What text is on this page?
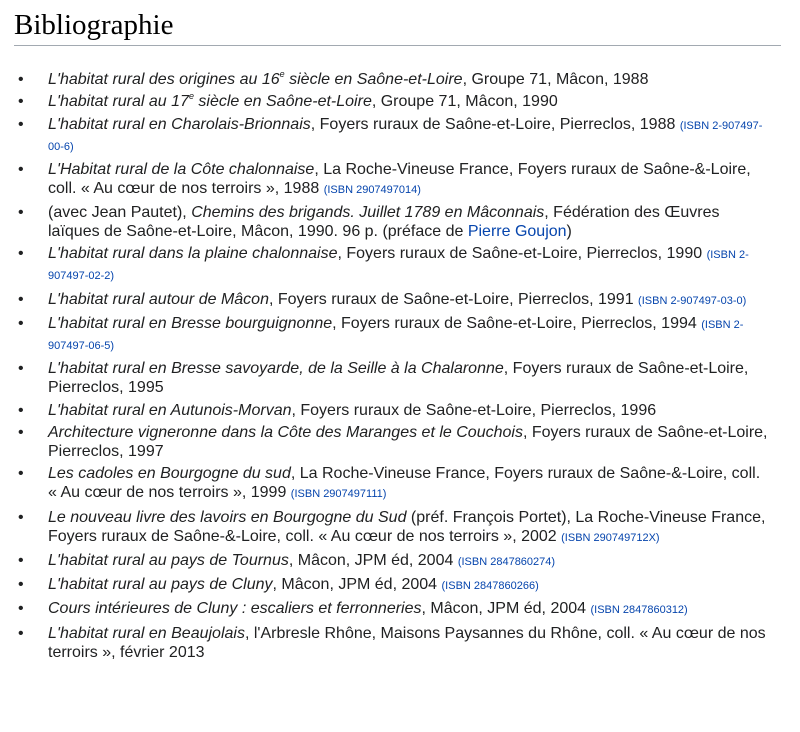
Bibliographie
• L'habitat rural des origines au 16e siècle en Saône-et-Loire, Groupe 71, Mâcon, 1988
• L'habitat rural au 17e siècle en Saône-et-Loire, Groupe 71, Mâcon, 1990
• L'habitat rural en Charolais-Brionnais, Foyers ruraux de Saône-et-Loire, Pierreclos, 1988 (ISBN 2-907497-00-6)
• L'Habitat rural de la Côte chalonnaise, La Roche-Vineuse France, Foyers ruraux de Saône-&-Loire, coll. « Au cœur de nos terroirs », 1988 (ISBN 2907497014)
• (avec Jean Pautet), Chemins des brigands. Juillet 1789 en Mâconnais, Fédération des Œuvres laïques de Saône-et-Loire, Mâcon, 1990. 96 p. (préface de Pierre Goujon)
• L'habitat rural dans la plaine chalonnaise, Foyers ruraux de Saône-et-Loire, Pierreclos, 1990 (ISBN 2-907497-02-2)
• L'habitat rural autour de Mâcon, Foyers ruraux de Saône-et-Loire, Pierreclos, 1991 (ISBN 2-907497-03-0)
• L'habitat rural en Bresse bourguignonne, Foyers ruraux de Saône-et-Loire, Pierreclos, 1994 (ISBN 2-907497-06-5)
• L'habitat rural en Bresse savoyarde, de la Seille à la Chalaronne, Foyers ruraux de Saône-et-Loire, Pierreclos, 1995
• L'habitat rural en Autunois-Morvan, Foyers ruraux de Saône-et-Loire, Pierreclos, 1996
• Architecture vigneronne dans la Côte des Maranges et le Couchois, Foyers ruraux de Saône-et-Loire, Pierreclos, 1997
• Les cadoles en Bourgogne du sud, La Roche-Vineuse France, Foyers ruraux de Saône-&-Loire, coll. « Au cœur de nos terroirs », 1999 (ISBN 2907497111)
• Le nouveau livre des lavoirs en Bourgogne du Sud (préf. François Portet), La Roche-Vineuse France, Foyers ruraux de Saône-&-Loire, coll. « Au cœur de nos terroirs », 2002 (ISBN 290749712X)
• L'habitat rural au pays de Tournus, Mâcon, JPM éd, 2004 (ISBN 2847860274)
• L'habitat rural au pays de Cluny, Mâcon, JPM éd, 2004 (ISBN 2847860266)
• Cours intérieures de Cluny : escaliers et ferronneries, Mâcon, JPM éd, 2004 (ISBN 2847860312)
• L'habitat rural en Beaujolais, l'Arbresle Rhône, Maisons Paysannes du Rhône, coll. « Au cœur de nos terroirs », février 2013
